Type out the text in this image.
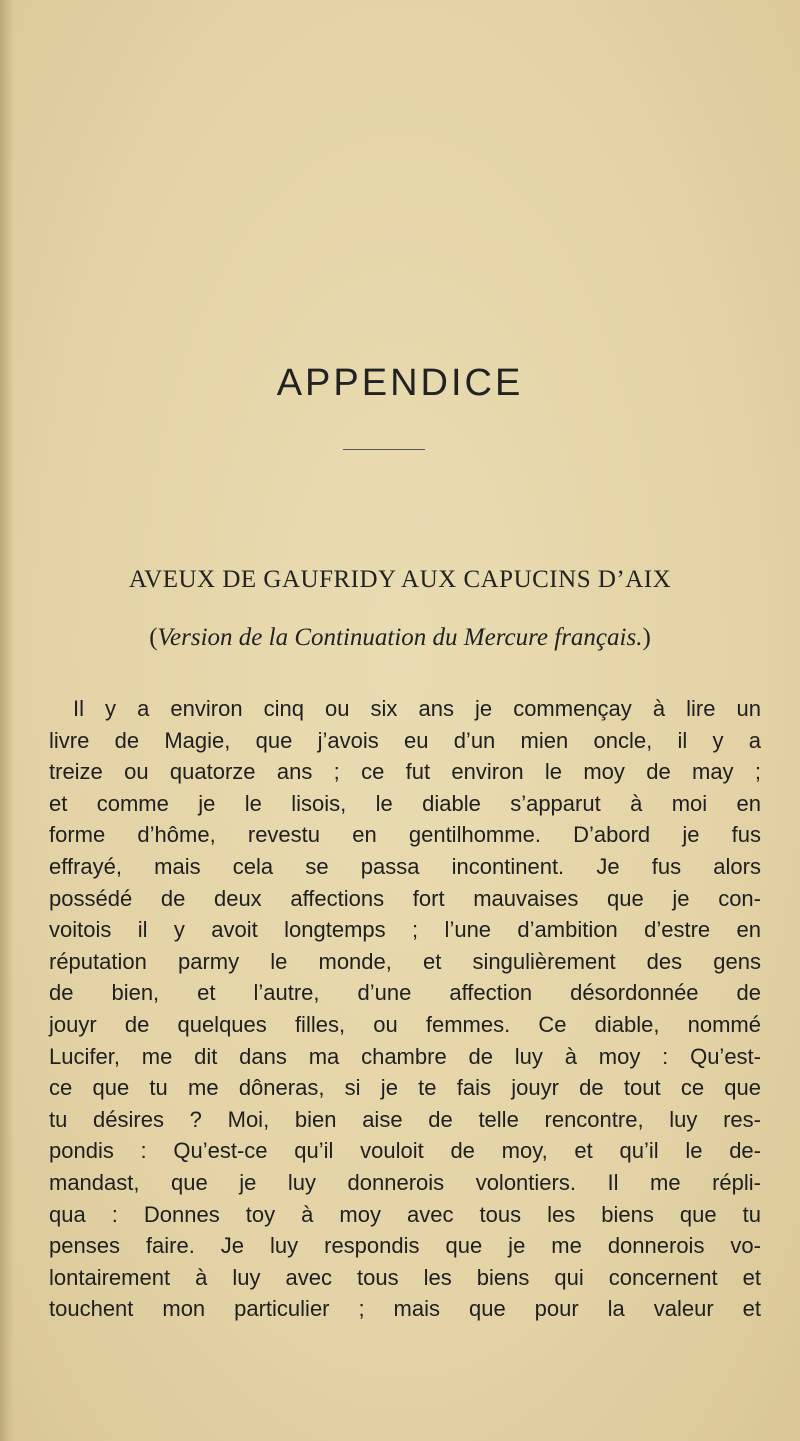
APPENDICE
AVEUX DE GAUFRIDY AUX CAPUCINS D’AIX
(Version de la Continuation du Mercure français.)
Il y a environ cinq ou six ans je commençay à lire un
livre de Magie, que j’avois eu d’un mien oncle, il y a
treize ou quatorze ans ; ce fut environ le moy de may ;
et comme je le lisois, le diable s’apparut à moi en
forme d’hôme, revestu en gentilhomme. D’abord je fus
effrayé, mais cela se passa incontinent. Je fus alors
possédé de deux affections fort mauvaises que je con-
voitois il y avoit longtemps ; l’une d’ambition d’estre en
réputation parmy le monde, et singulièrement des gens
de bien, et l’autre, d’une affection désordonnée de
jouyr de quelques filles, ou femmes. Ce diable, nommé
Lucifer, me dit dans ma chambre de luy à moy : Qu’est-
ce que tu me dôneras, si je te fais jouyr de tout ce que
tu désires ? Moi, bien aise de telle rencontre, luy res-
pondis : Qu’est-ce qu’il vouloit de moy, et qu’il le de-
mandast, que je luy donnerois volontiers. Il me répli-
qua : Donnes toy à moy avec tous les biens que tu
penses faire. Je luy respondis que je me donnerois vo-
lontairement à luy avec tous les biens qui concernent et
touchent mon particulier ; mais que pour la valeur et
